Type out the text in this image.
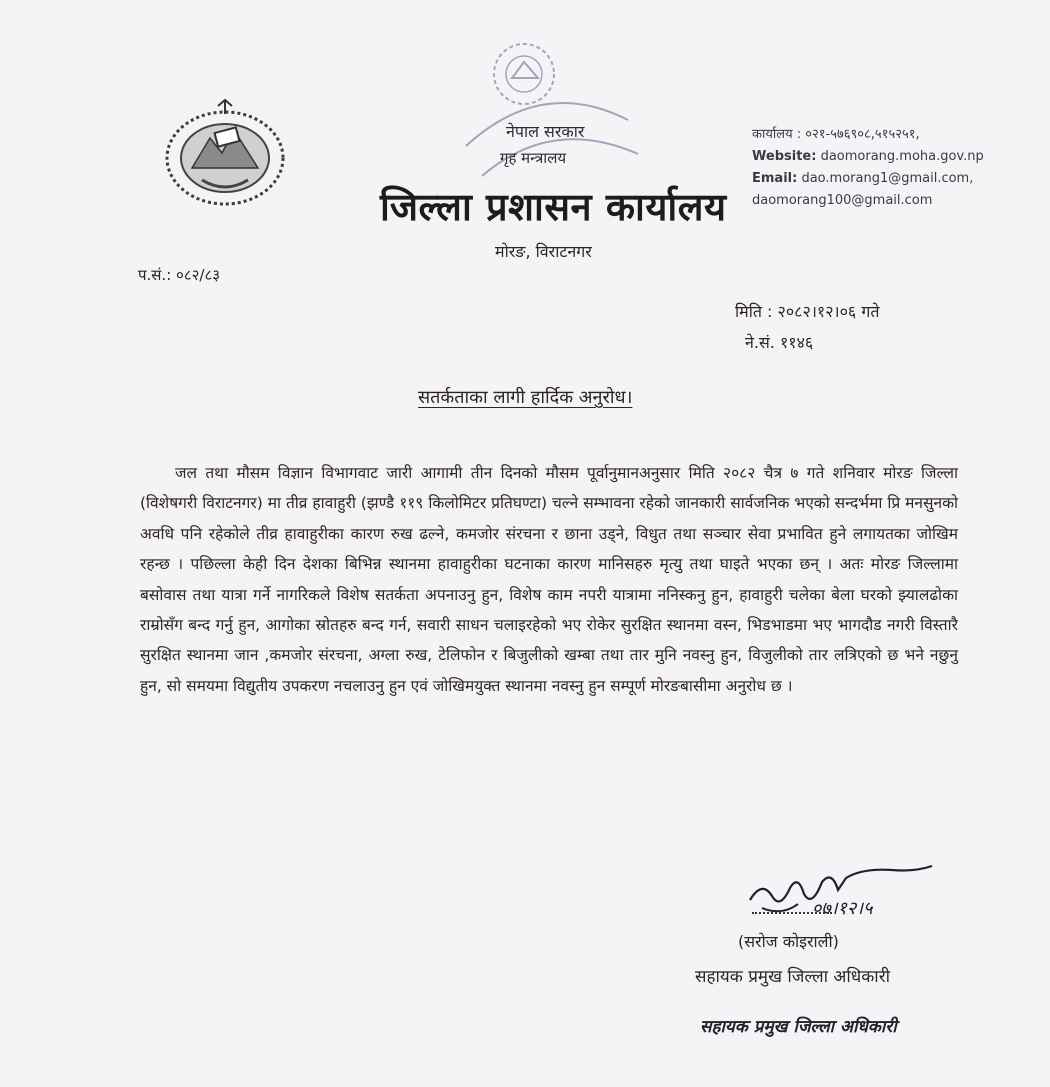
नेपाल सरकार
गृह मन्त्रालय
जिल्ला प्रशासन कार्यालय
मोरङ, विराटनगर
कार्यालय : ०२१-५७६९०८,५१५२५१,
Website: daomorang.moha.gov.np
Email: dao.morang1@gmail.com,
daomorang100@gmail.com
प.सं.: ०८२/८३
मिति : २०८२।१२।०६ गते
ने.सं. ११४६
सतर्कताका लागी हार्दिक अनुरोध।

जल तथा मौसम विज्ञान विभागवाट जारी आगामी तीन दिनको मौसम पूर्वानुमानअनुसार मिति २०८२ चैत्र ७ गते शनिवार मोरङ जिल्ला (विशेषगरी विराटनगर) मा तीव्र हावाहुरी (झण्डै ११९ किलोमिटर प्रतिघण्टा) चल्ने सम्भावना रहेको जानकारी सार्वजनिक भएको सन्दर्भमा प्रि मनसुनको अवधि पनि रहेकोले तीव्र हावाहुरीका कारण रुख ढल्ने, कमजोर संरचना र छाना उड्ने, विधुत तथा सञ्चार सेवा प्रभावित हुने लगायतका जोखिम रहन्छ । पछिल्ला केही दिन देशका बिभिन्न स्थानमा हावाहुरीका घटनाका कारण मानिसहरु मृत्यु तथा घाइते भएका छन् । अतः मोरङ जिल्लामा बसोवास तथा यात्रा गर्ने नागरिकले विशेष सतर्कता अपनाउनु हुन, विशेष काम नपरी यात्रामा ननिस्कनु हुन, हावाहुरी चलेका बेला घरको झ्यालढोका राम्रोसँग बन्द गर्नु हुन, आगोका स्रोतहरु बन्द गर्न, सवारी साधन चलाइरहेको भए रोकेर सुरक्षित स्थानमा वस्न, भिडभाडमा भए भागदौड नगरी विस्तारै सुरक्षित स्थानमा जान ,कमजोर संरचना, अग्ला रुख, टेलिफोन र बिजुलीको खम्बा तथा तार मुनि नवस्नु हुन, विजुलीको तार लत्रिएको छ भने नछुनु हुन, सो समयमा विद्युतीय उपकरण नचलाउनु हुन एवं जोखिमयुक्त स्थानमा नवस्नु हुन सम्पूर्ण मोरङबासीमा अनुरोध छ ।

०७।१२।५
(सरोज कोइराली)
सहायक प्रमुख जिल्ला अधिकारी
सहायक प्रमुख जिल्ला अधिकारी
